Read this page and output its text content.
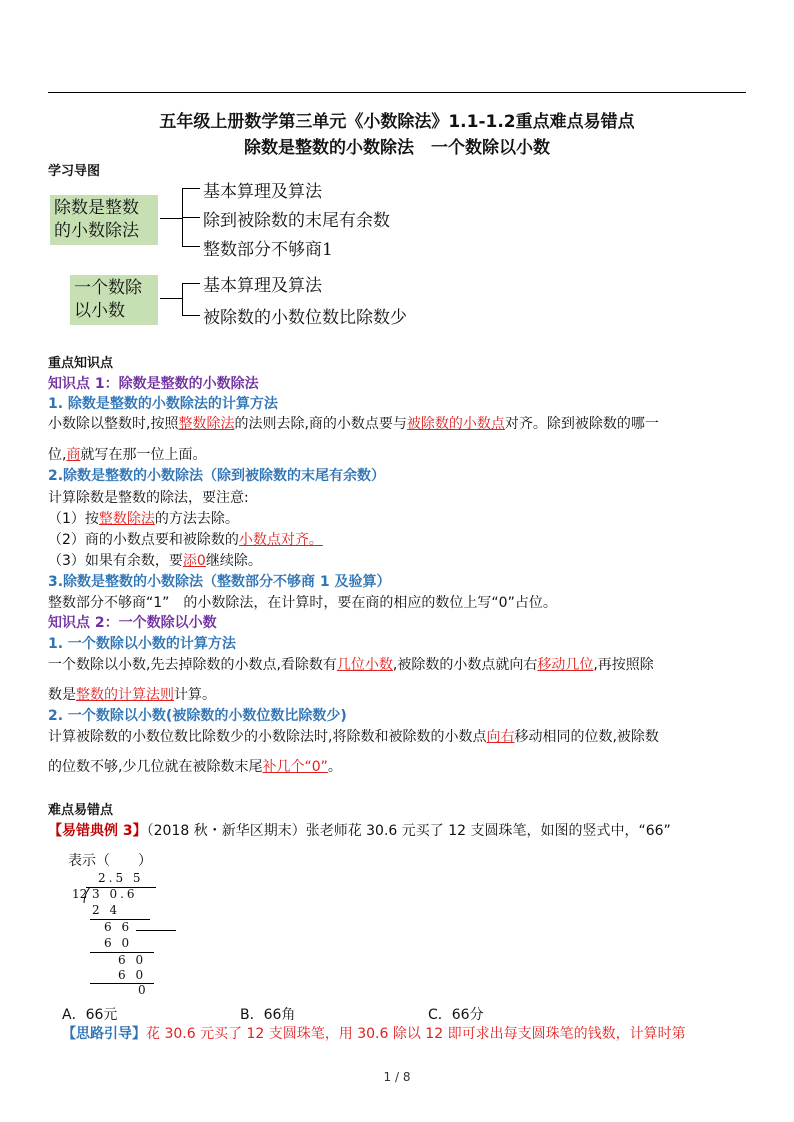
五年级上册数学第三单元《小数除法》1.1-1.2重点难点易错点
除数是整数的小数除法　一个数除以小数
学习导图
除数是整数
的小数除法
基本算理及算法
除到被除数的末尾有余数
整数部分不够商1
一个数除
以小数
基本算理及算法
被除数的小数位数比除数少
重点知识点
知识点 1：除数是整数的小数除法
1. 除数是整数的小数除法的计算方法
小数除以整数时,按照整数除法的法则去除,商的小数点要与被除数的小数点对齐。除到被除数的哪一
位,商就写在那一位上面。
2.除数是整数的小数除法（除到被除数的末尾有余数）
计算除数是整数的除法，要注意:
（1）按整数除法的方法去除。
（2）商的小数点要和被除数的小数点对齐。
（3）如果有余数，要添0继续除。
3.除数是整数的小数除法（整数部分不够商 1 及验算）
整数部分不够商“1”　的小数除法，在计算时，要在商的相应的数位上写“0”占位。
知识点 2：一个数除以小数
1. 一个数除以小数的计算方法
一个数除以小数,先去掉除数的小数点,看除数有几位小数,被除数的小数点就向右移动几位,再按照除
数是整数的计算法则计算。
2. 一个数除以小数(被除数的小数位数比除数少)
计算被除数的小数位数比除数少的小数除法时,将除数和被除数的小数点向右移动相同的位数,被除数
的位数不够,少几位就在被除数末尾补几个“0”。
难点易错点
【易错典例 3】（2018 秋・新华区期末）张老师花 30.6 元买了 12 支圆珠笔，如图的竖式中，“66”
表示（　　）
2.5 5
12 3 0.6
2 4
6 6
6 0
6 0
6 0
0
A．66元	B．66角	C．66分
【思路引导】花 30.6 元买了 12 支圆珠笔，用 30.6 除以 12 即可求出每支圆珠笔的钱数，计算时第
1 / 8
